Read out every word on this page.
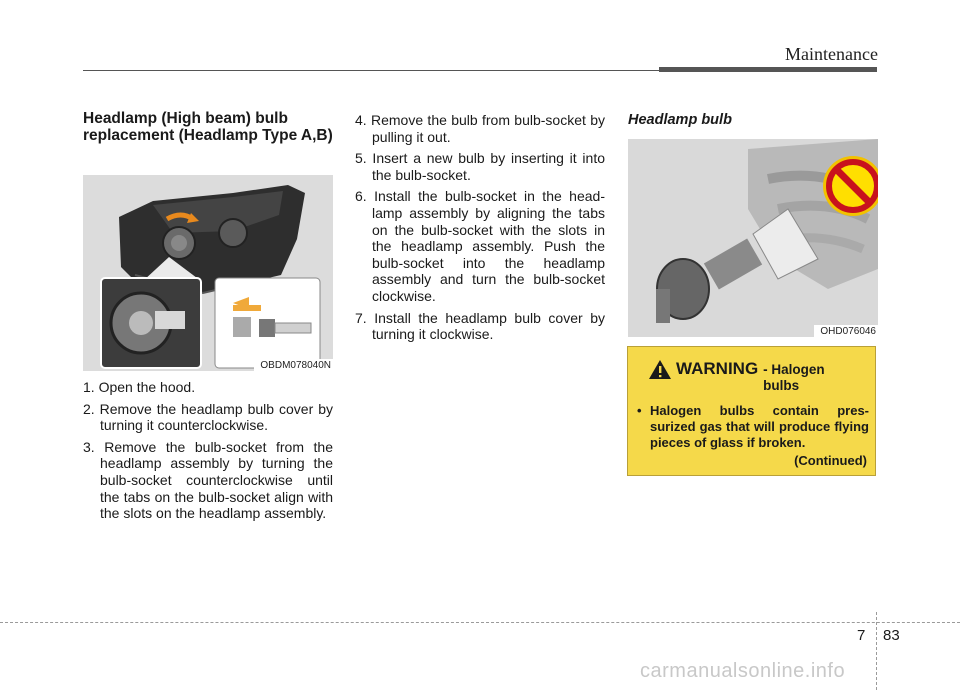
Maintenance
Headlamp (High beam) bulb replacement (Headlamp Type A,B)
OBDM078040N
1. Open the hood.
2. Remove the headlamp bulb cover by turning it counterclockwise.
3. Remove the bulb-socket from the headlamp assembly by turning the bulb-socket counterclockwise until the tabs on the bulb-socket align with the slots on the headlamp assembly.
4. Remove the bulb from bulb-socket by pulling it out.
5. Insert a new bulb by inserting it into the bulb-socket.
6. Install the bulb-socket in the head-lamp assembly by aligning the tabs on the bulb-socket with the slots in the headlamp assembly. Push the bulb-socket into the headlamp assembly and turn the bulb-socket clockwise.
7. Install the headlamp bulb cover by turning it clockwise.
Headlamp bulb
OHD076046
WARNING - Halogen bulbs
• Halogen bulbs contain pres-surized gas that will produce flying pieces of glass if broken.
(Continued)
7 83
carmanualsonline.info
